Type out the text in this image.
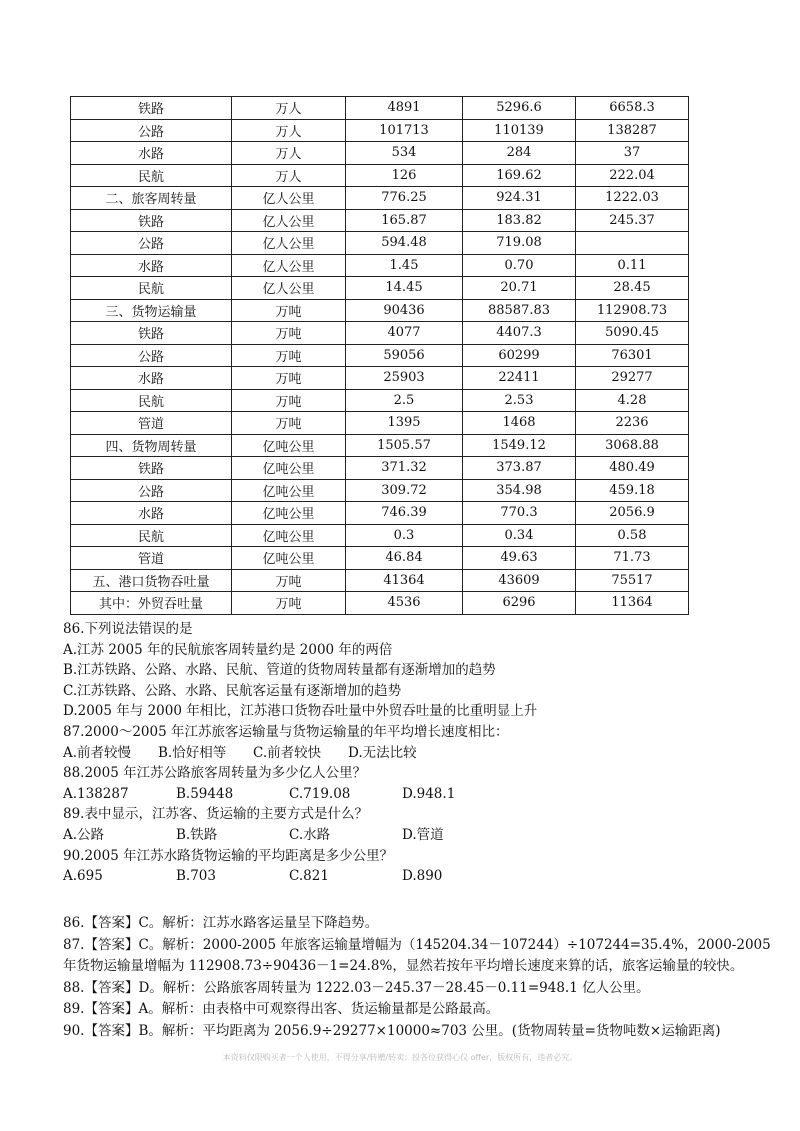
铁路	万人	4891	5296.6	6658.3
公路	万人	101713	110139	138287
水路	万人	534	284	37
民航	万人	126	169.62	222.04
二、旅客周转量	亿人公里	776.25	924.31	1222.03
铁路	亿人公里	165.87	183.82	245.37
公路	亿人公里	594.48	719.08	
水路	亿人公里	1.45	0.70	0.11
民航	亿人公里	14.45	20.71	28.45
三、货物运输量	万吨	90436	88587.83	112908.73
铁路	万吨	4077	4407.3	5090.45
公路	万吨	59056	60299	76301
水路	万吨	25903	22411	29277
民航	万吨	2.5	2.53	4.28
管道	万吨	1395	1468	2236
四、货物周转量	亿吨公里	1505.57	1549.12	3068.88
铁路	亿吨公里	371.32	373.87	480.49
公路	亿吨公里	309.72	354.98	459.18
水路	亿吨公里	746.39	770.3	2056.9
民航	亿吨公里	0.3	0.34	0.58
管道	亿吨公里	46.84	49.63	71.73
五、港口货物吞吐量	万吨	41364	43609	75517
其中：外贸吞吐量	万吨	4536	6296	11364
86.下列说法错误的是
A.江苏 2005 年的民航旅客周转量约是 2000 年的两倍
B.江苏铁路、公路、水路、民航、管道的货物周转量都有逐渐增加的趋势
C.江苏铁路、公路、水路、民航客运量有逐渐增加的趋势
D.2005 年与 2000 年相比，江苏港口货物吞吐量中外贸吞吐量的比重明显上升
87.2000～2005 年江苏旅客运输量与货物运输量的年平均增长速度相比：
A.前者较慢 B.恰好相等 C.前者较快 D.无法比较
88.2005 年江苏公路旅客周转量为多少亿人公里？
A.138287	B.59448	C.719.08	D.948.1
89.表中显示，江苏客、货运输的主要方式是什么？
A.公路	B.铁路	C.水路	D.管道
90.2005 年江苏水路货物运输的平均距离是多少公里？
A.695	B.703	C.821	D.890
86.【答案】C。解析：江苏水路客运量呈下降趋势。
87.【答案】C。解析：2000-2005 年旅客运输量增幅为（145204.34－107244）÷107244=35.4%，2000-2005
年货物运输量增幅为 112908.73÷90436－1=24.8%，显然若按年平均增长速度来算的话，旅客运输量的较快。
88.【答案】D。解析：公路旅客周转量为 1222.03－245.37－28.45－0.11=948.1 亿人公里。
89.【答案】A。解析：由表格中可观察得出客、货运输量都是公路最高。
90.【答案】B。解析：平均距离为 2056.9÷29277×10000≈703 公里。(货物周转量=货物吨数×运输距离)
本资料仅限购买者一个人使用，不得分享/转赠/转卖；投各位获得心仪 offer，版权所有，违者必究。
